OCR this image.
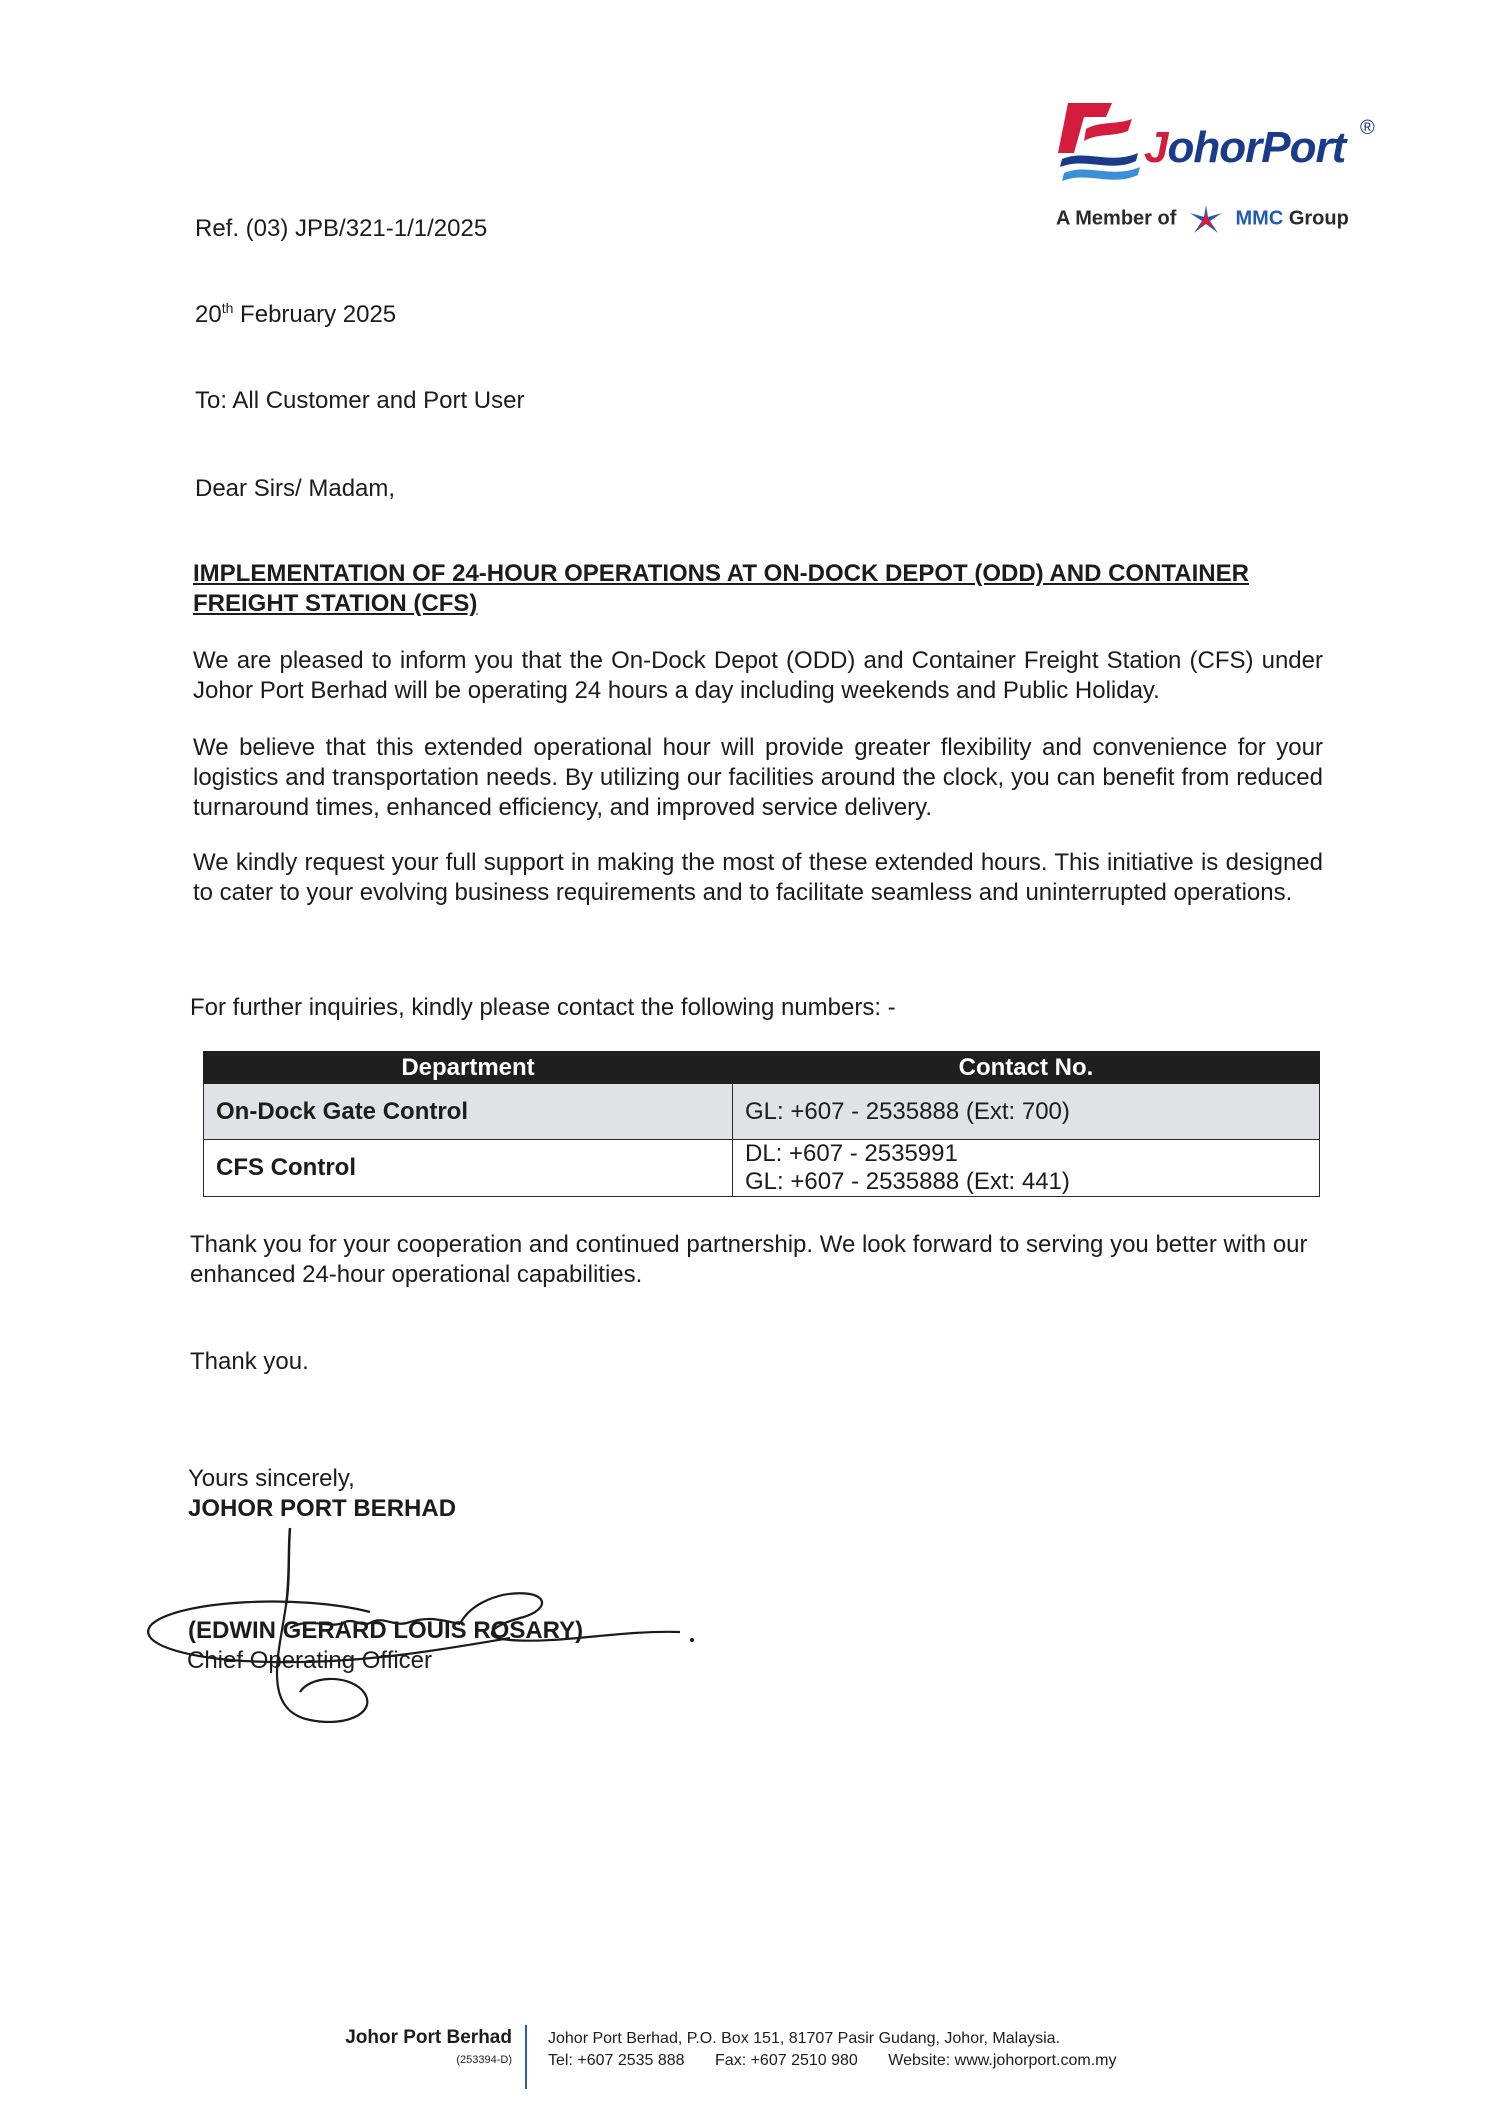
JohorPort ®
A Member of	MMC Group
Ref. (03) JPB/321-1/1/2025
20th February 2025
To: All Customer and Port User
Dear Sirs/ Madam,
IMPLEMENTATION OF 24-HOUR OPERATIONS AT ON-DOCK DEPOT (ODD) AND CONTAINER FREIGHT STATION (CFS)
We are pleased to inform you that the On-Dock Depot (ODD) and Container Freight Station (CFS) under Johor Port Berhad will be operating 24 hours a day including weekends and Public Holiday.
We believe that this extended operational hour will provide greater flexibility and convenience for your logistics and transportation needs. By utilizing our facilities around the clock, you can benefit from reduced turnaround times, enhanced efficiency, and improved service delivery.
We kindly request your full support in making the most of these extended hours. This initiative is designed to cater to your evolving business requirements and to facilitate seamless and uninterrupted operations.
For further inquiries, kindly please contact the following numbers: -
Department	Contact No.
On-Dock Gate Control	GL: +607 - 2535888 (Ext: 700)

CFS Control	DL: +607 - 2535991
GL: +607 - 2535888 (Ext: 441)
Thank you for your cooperation and continued partnership. We look forward to serving you better with our enhanced 24-hour operational capabilities.
Thank you.
Yours sincerely,
JOHOR PORT BERHAD
(EDWIN GERARD LOUIS ROSARY)
Chief Operating Officer
Johor Port Berhad
(253394-D)
Johor Port Berhad, P.O. Box 151, 81707 Pasir Gudang, Johor, Malaysia.
Tel: +607 2535 888 Fax: +607 2510 980 Website: www.johorport.com.my
